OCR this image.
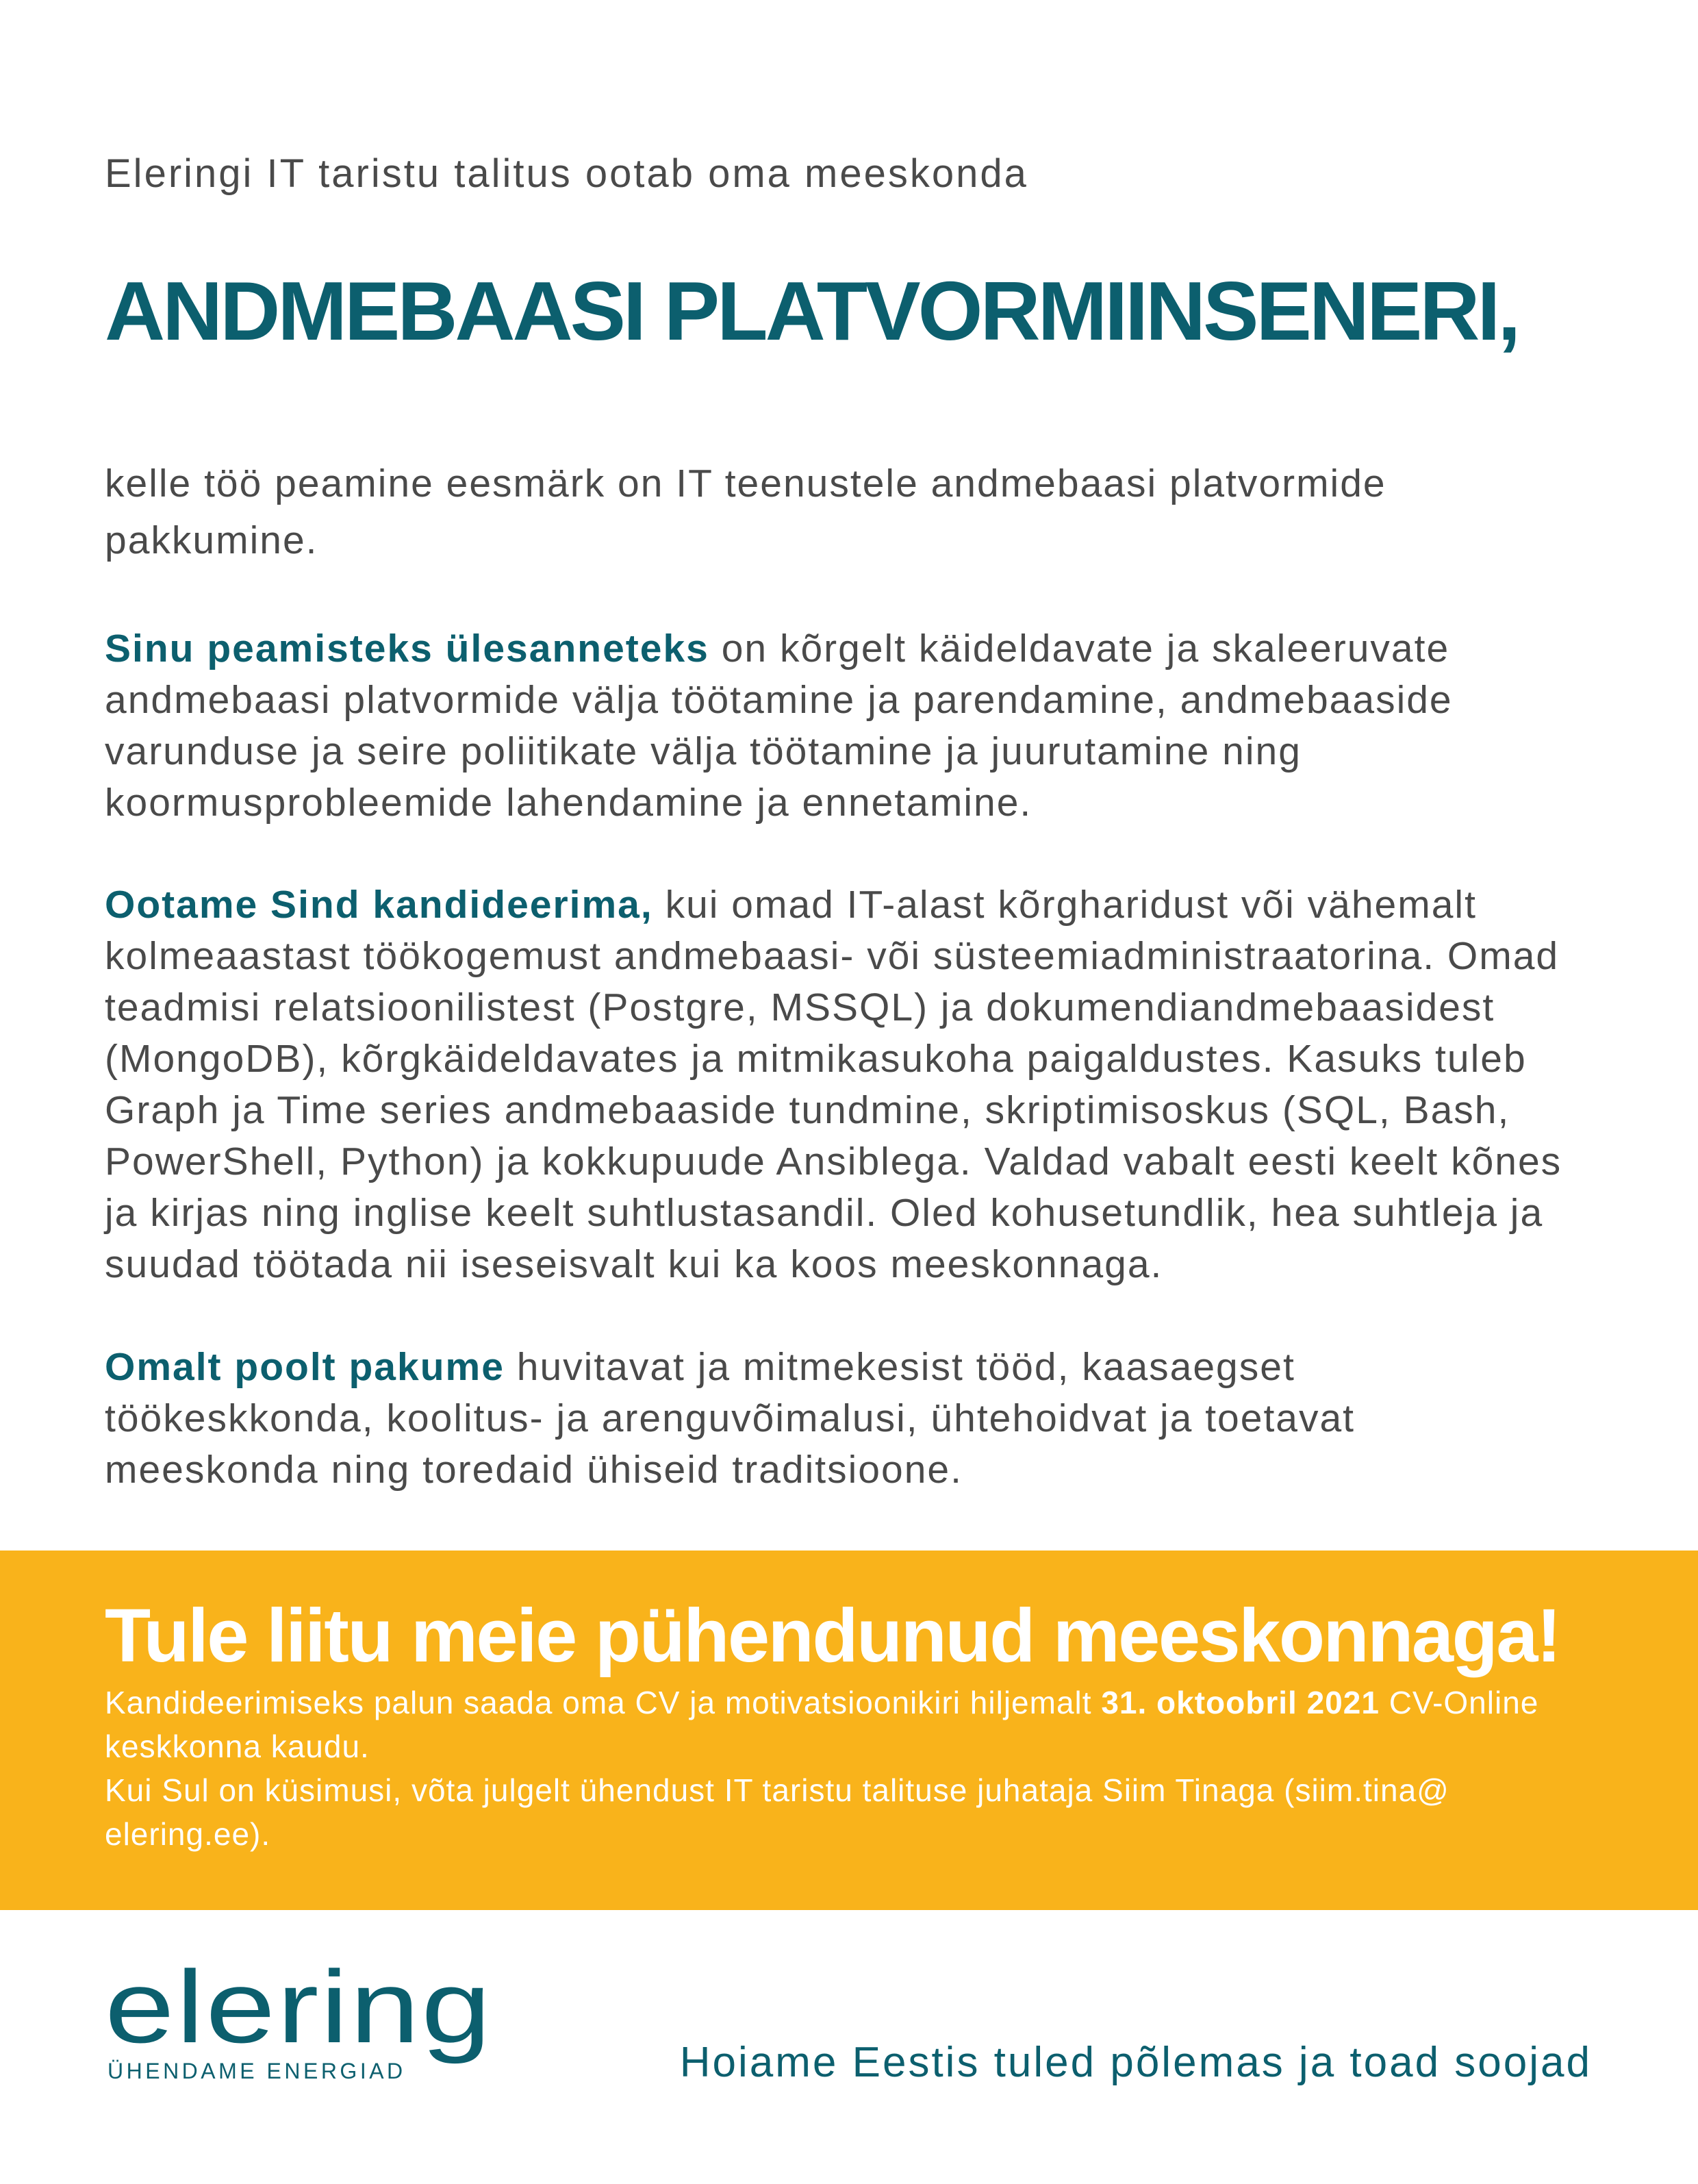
Eleringi IT taristu talitus ootab oma meeskonda
ANDMEBAASI PLATVORMIINSENERI,
kelle töö peamine eesmärk on IT teenustele andmebaasi platvormide
pakkumine.
Sinu peamisteks ülesanneteks on kõrgelt käideldavate ja skaleeruvate
andmebaasi platvormide välja töötamine ja parendamine, andmebaaside
varunduse ja seire poliitikate välja töötamine ja juurutamine ning
koormusprobleemide lahendamine ja ennetamine.
Ootame Sind kandideerima, kui omad IT-alast kõrgharidust või vähemalt
kolmeaastast töökogemust andmebaasi- või süsteemiadministraatorina. Omad
teadmisi relatsioonilistest (Postgre, MSSQL) ja dokumendiandmebaasidest
(MongoDB), kõrgkäideldavates ja mitmikasukoha paigaldustes. Kasuks tuleb
Graph ja Time series andmebaaside tundmine, skriptimisoskus (SQL, Bash,
PowerShell, Python) ja kokkupuude Ansiblega. Valdad vabalt eesti keelt kõnes
ja kirjas ning inglise keelt suhtlustasandil. Oled kohusetundlik, hea suhtleja ja
suudad töötada nii iseseisvalt kui ka koos meeskonnaga.
Omalt poolt pakume huvitavat ja mitmekesist tööd, kaasaegset
töökeskkonda, koolitus- ja arenguvõimalusi, ühtehoidvat ja toetavat
meeskonda ning toredaid ühiseid traditsioone.
Tule liitu meie pühendunud meeskonnaga!
Kandideerimiseks palun saada oma CV ja motivatsioonikiri hiljemalt 31. oktoobril 2021 CV-Online
keskkonna kaudu.
Kui Sul on küsimusi, võta julgelt ühendust IT taristu talituse juhataja Siim Tinaga (siim.tina@
elering.ee).
elering
ÜHENDAME ENERGIAD	Hoiame Eestis tuled põlemas ja toad soojad
